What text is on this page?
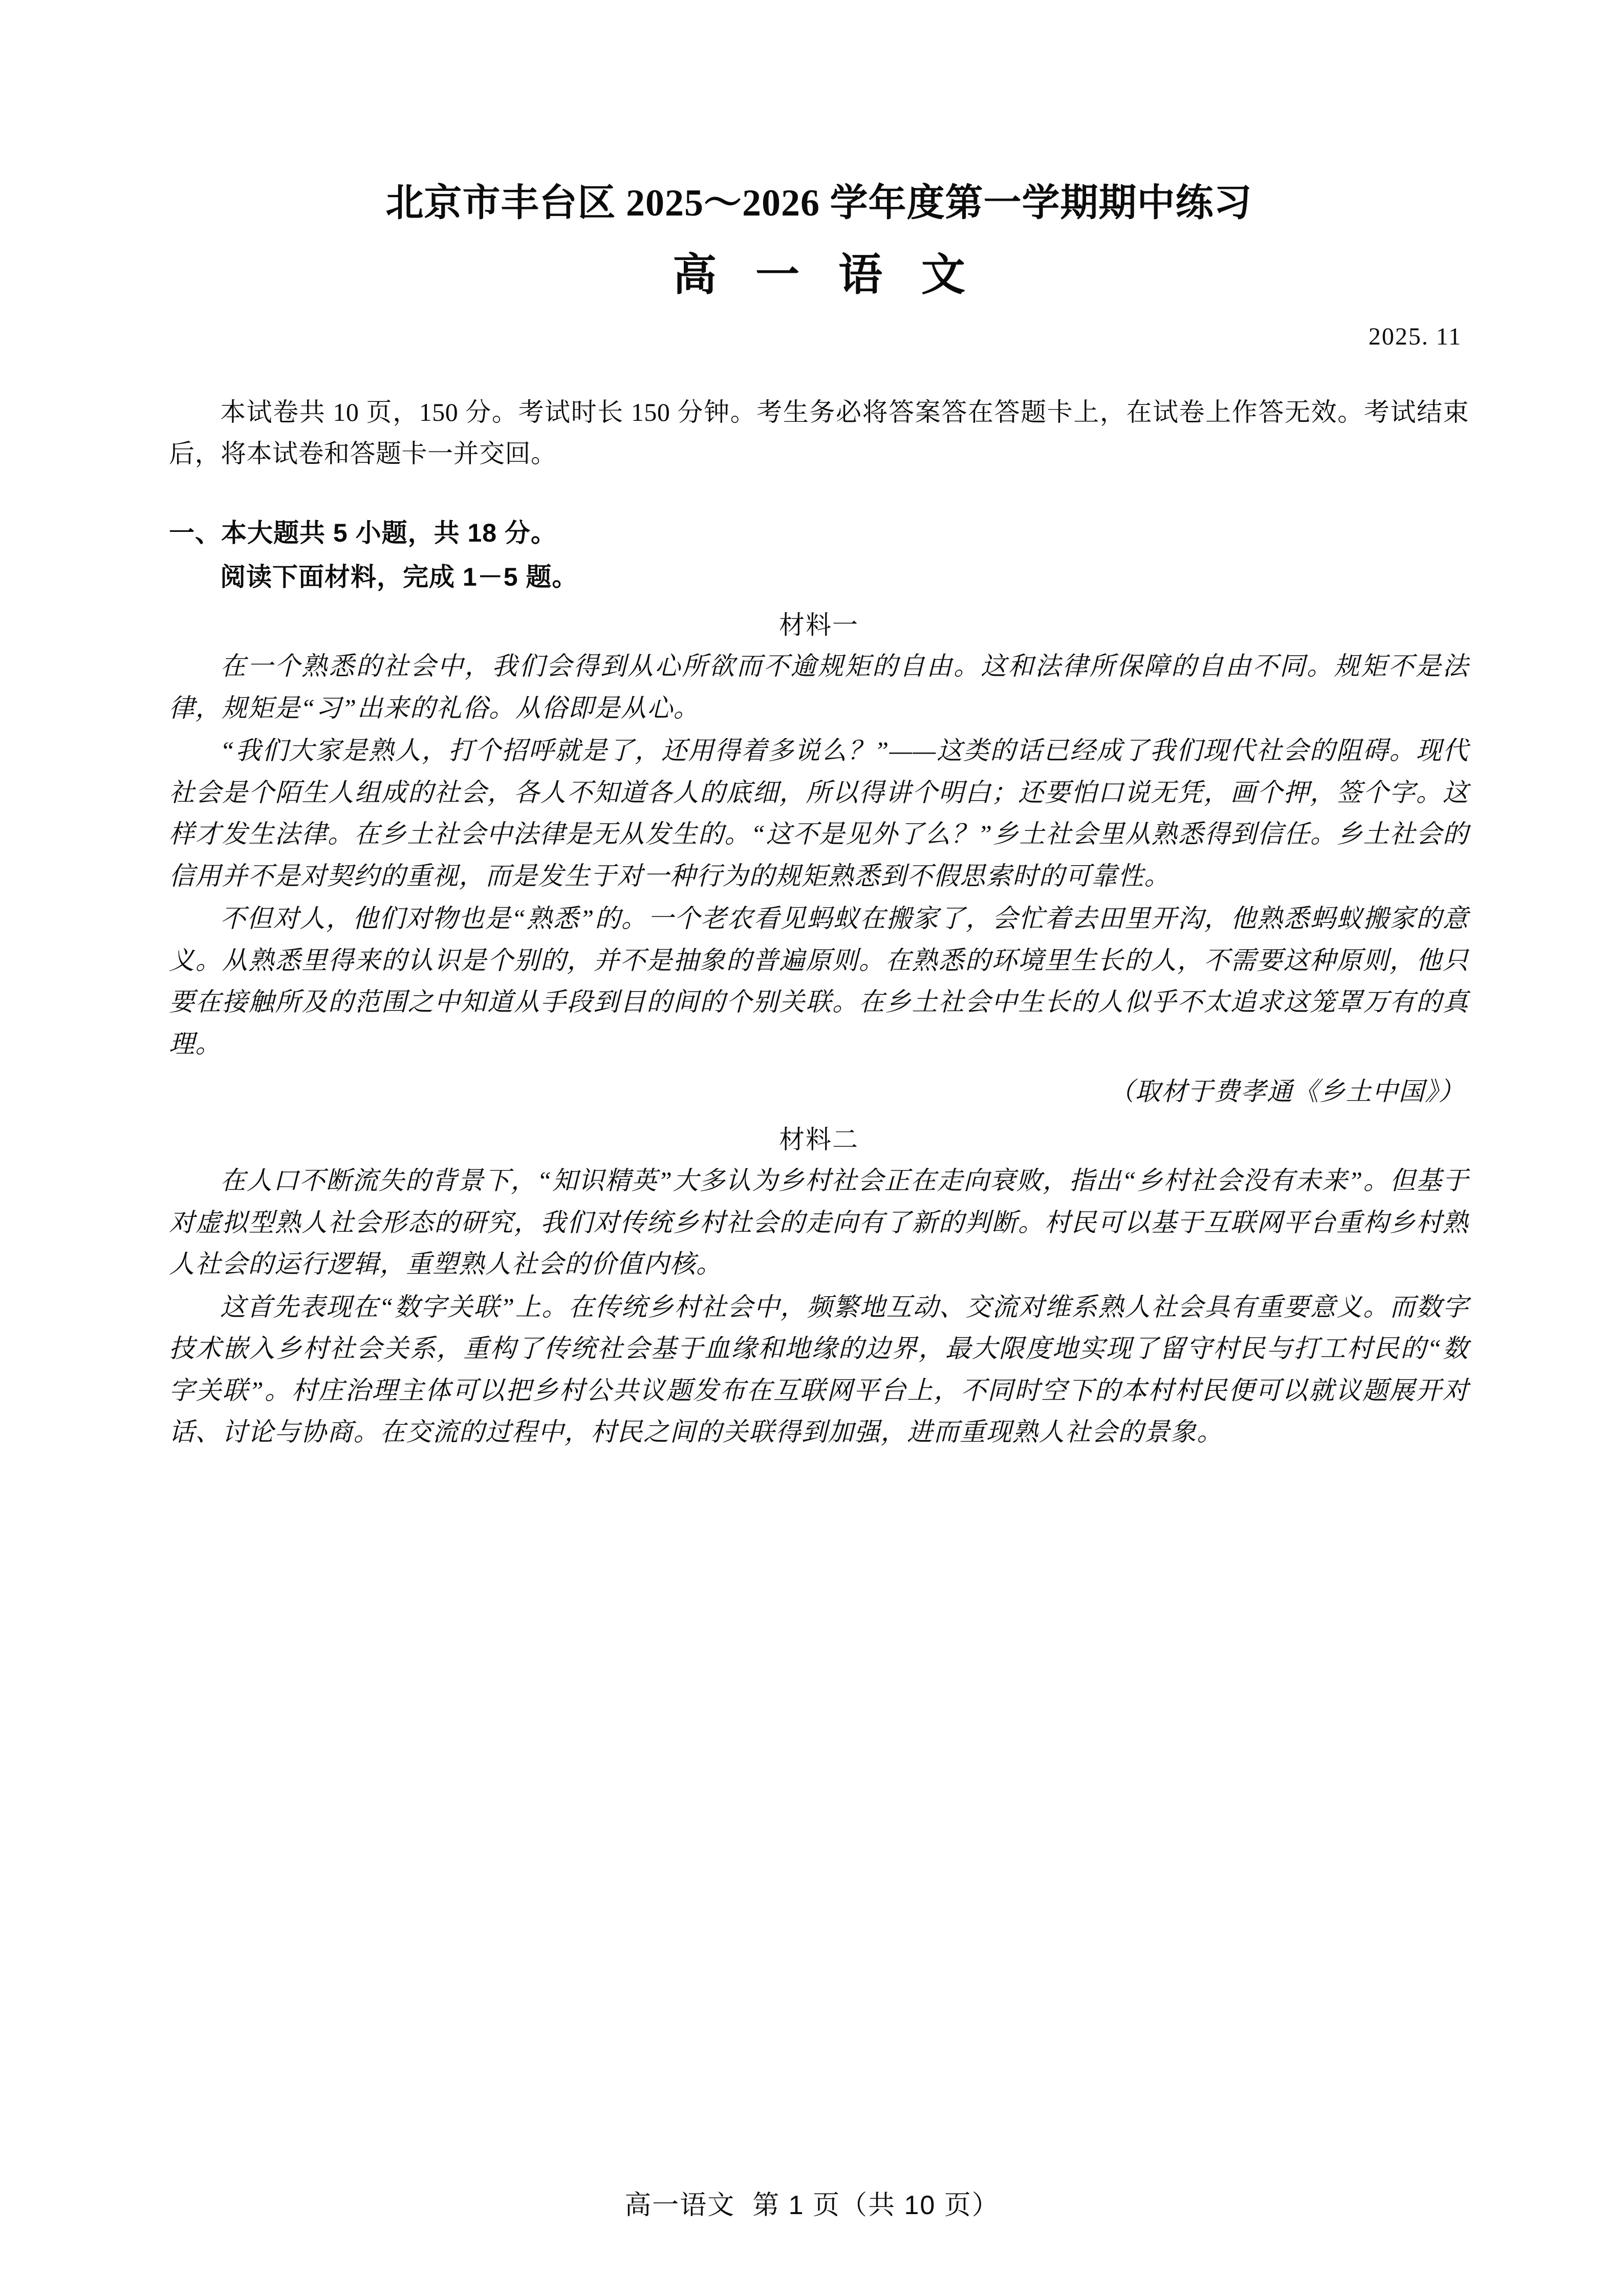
北京市丰台区 2025～2026 学年度第一学期期中练习
高 一 语 文
2025. 11
本试卷共 10 页，150 分。考试时长 150 分钟。考生务必将答案答在答题卡上，在试卷上作答无效。考试结束后，将本试卷和答题卡一并交回。
一、本大题共 5 小题，共 18 分。
阅读下面材料，完成 1－5 题。
材料一

在一个熟悉的社会中，我们会得到从心所欲而不逾规矩的自由。这和法律所保障的自由不同。规矩不是法律，规矩是“习”出来的礼俗。从俗即是从心。

“我们大家是熟人，打个招呼就是了，还用得着多说么？”——这类的话已经成了我们现代社会的阻碍。现代社会是个陌生人组成的社会，各人不知道各人的底细，所以得讲个明白；还要怕口说无凭，画个押，签个字。这样才发生法律。在乡土社会中法律是无从发生的。“这不是见外了么？”乡土社会里从熟悉得到信任。乡土社会的信用并不是对契约的重视，而是发生于对一种行为的规矩熟悉到不假思索时的可靠性。

不但对人，他们对物也是“熟悉”的。一个老农看见蚂蚁在搬家了，会忙着去田里开沟，他熟悉蚂蚁搬家的意义。从熟悉里得来的认识是个别的，并不是抽象的普遍原则。在熟悉的环境里生长的人，不需要这种原则，他只要在接触所及的范围之中知道从手段到目的间的个别关联。在乡土社会中生长的人似乎不太追求这笼罩万有的真理。

（取材于费孝通《乡土中国》）
材料二

在人口不断流失的背景下，“知识精英”大多认为乡村社会正在走向衰败，指出“乡村社会没有未来”。但基于对虚拟型熟人社会形态的研究，我们对传统乡村社会的走向有了新的判断。村民可以基于互联网平台重构乡村熟人社会的运行逻辑，重塑熟人社会的价值内核。

这首先表现在“数字关联”上。在传统乡村社会中，频繁地互动、交流对维系熟人社会具有重要意义。而数字技术嵌入乡村社会关系，重构了传统社会基于血缘和地缘的边界，最大限度地实现了留守村民与打工村民的“数字关联”。村庄治理主体可以把乡村公共议题发布在互联网平台上，不同时空下的本村村民便可以就议题展开对话、讨论与协商。在交流的过程中，村民之间的关联得到加强，进而重现熟人社会的景象。

高一语文 第 1 页（共 10 页）
